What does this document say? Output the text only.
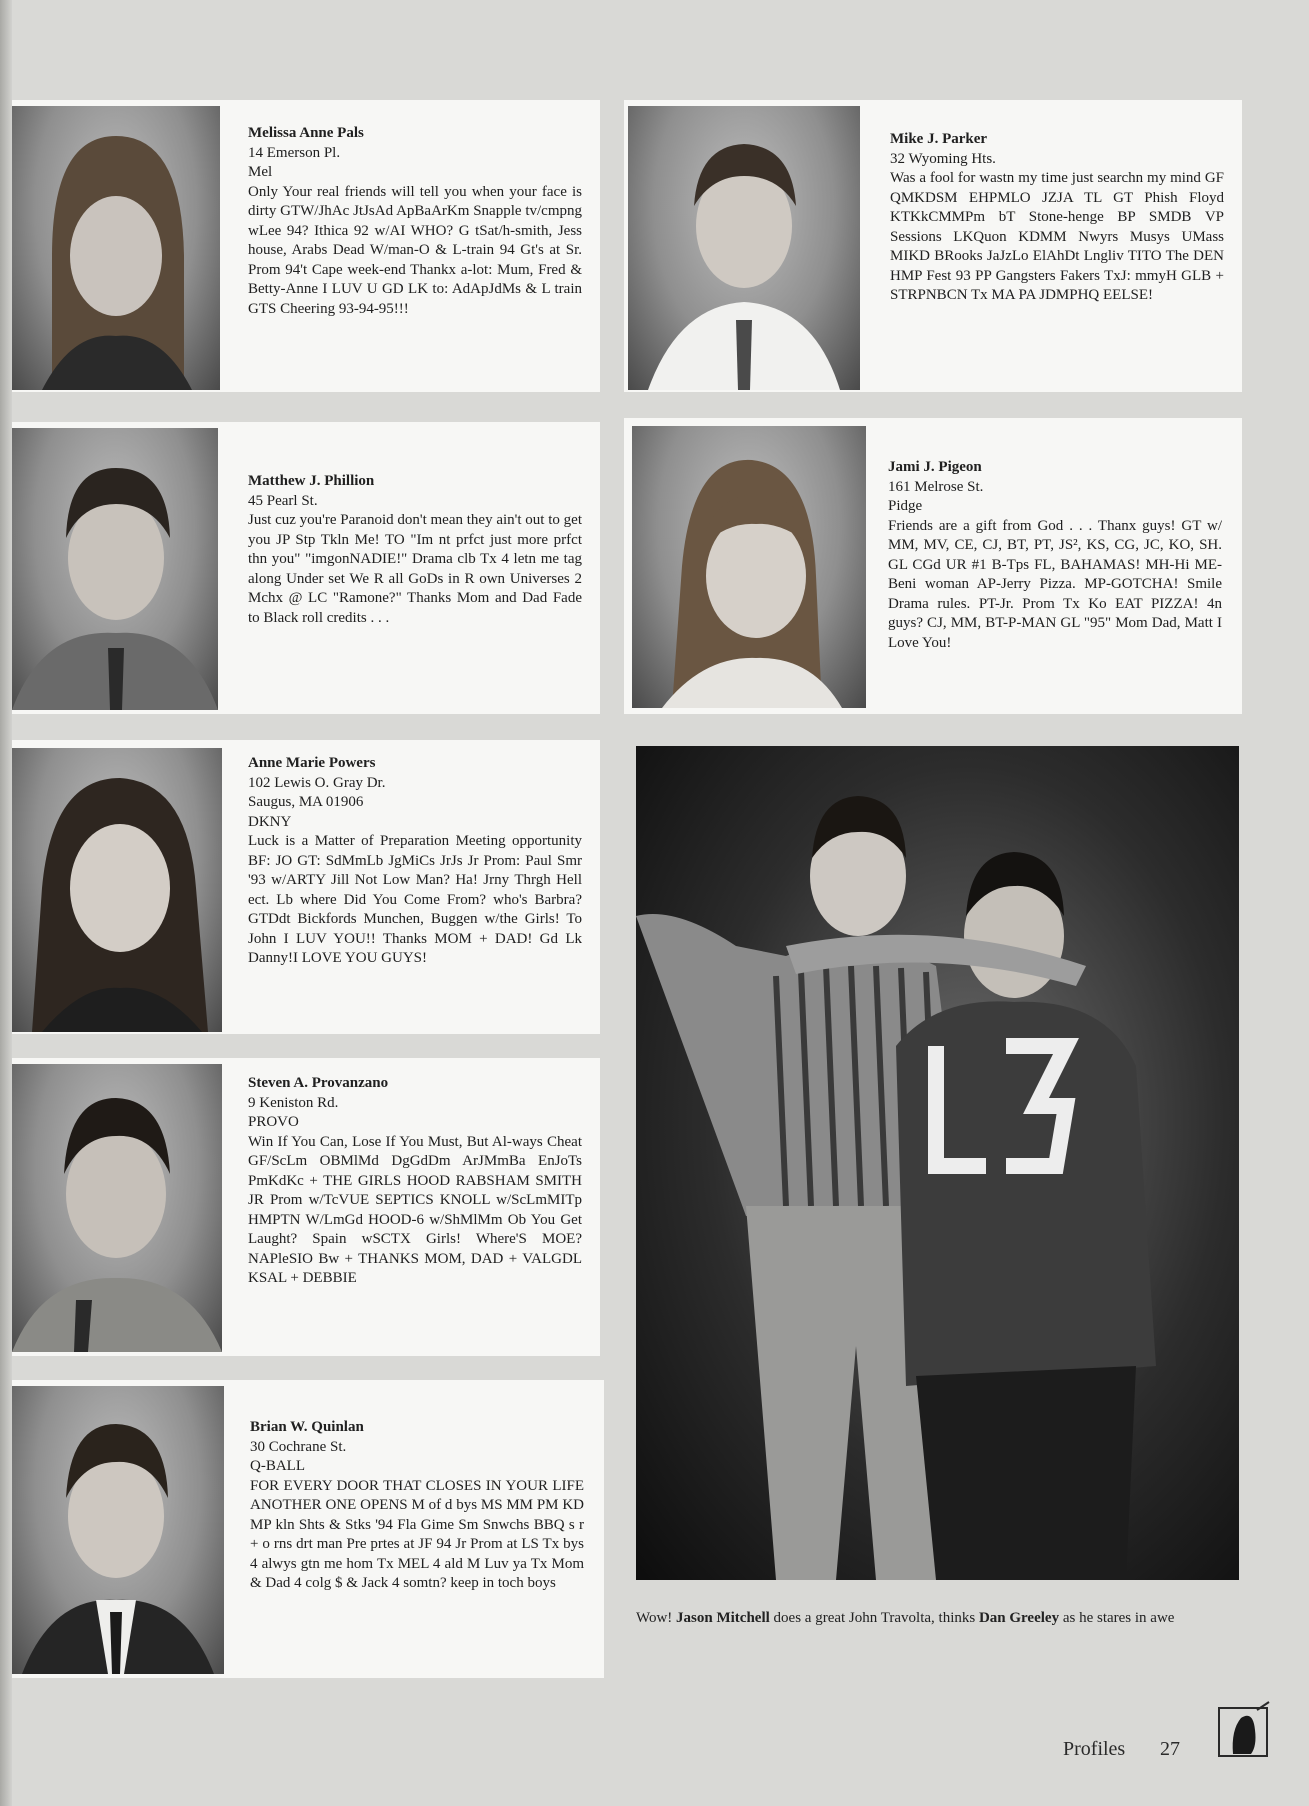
Melissa Anne Pals
14 Emerson Pl.
Mel
Only Your real friends will tell you when your face is dirty GTW/JhAc JtJsAd ApBaArKm Snapple tv/cmpng wLee 94? Ithica 92 w/AI WHO? G tSat/h-smith, Jess house, Arabs Dead W/man-O & L-train 94 Gt's at Sr. Prom 94't Cape week-end Thankx a-lot: Mum, Fred & Betty-Anne I LUV U GD LK to: AdApJdMs & L train GTS Cheering 93-94-95!!!
Mike J. Parker
32 Wyoming Hts.
Was a fool for wastn my time just searchn my mind GF QMKDSM EHPMLO JZJA TL GT Phish Floyd KTKkCMMPm bT Stone-henge BP SMDB VP Sessions LKQuon KDMM Nwyrs Musys UMass MIKD BRooks JaJzLo ElAhDt Lngliv TITO The DEN HMP Fest 93 PP Gangsters Fakers TxJ: mmyH GLB + STRPNBCN Tx MA PA JDMPHQ EELSE!
Matthew J. Phillion
45 Pearl St.
Just cuz you're Paranoid don't mean they ain't out to get you JP Stp Tkln Me! TO "Im nt prfct just more prfct thn you" "imgonNADIE!" Drama clb Tx 4 letn me tag along Under set We R all GoDs in R own Universes 2 Mchx @ LC "Ramone?" Thanks Mom and Dad Fade to Black roll credits . . .
Jami J. Pigeon
161 Melrose St.
Pidge
Friends are a gift from God . . . Thanx guys! GT w/ MM, MV, CE, CJ, BT, PT, JS², KS, CG, JC, KO, SH. GL CGd UR #1 B-Tps FL, BAHAMAS! MH-Hi ME-Beni woman AP-Jerry Pizza. MP-GOTCHA! Smile Drama rules. PT-Jr. Prom Tx Ko EAT PIZZA! 4n guys? CJ, MM, BT-P-MAN GL "95" Mom Dad, Matt I Love You!
Anne Marie Powers
102 Lewis O. Gray Dr.
Saugus, MA 01906
DKNY
Luck is a Matter of Preparation Meeting opportunity BF: JO GT: SdMmLb JgMiCs JrJs Jr Prom: Paul Smr '93 w/ARTY Jill Not Low Man? Ha! Jrny Thrgh Hell ect. Lb where Did You Come From? who's Barbra? GTDdt Bickfords Munchen, Buggen w/the Girls! To John I LUV YOU!! Thanks MOM + DAD! Gd Lk Danny!I LOVE YOU GUYS!
Steven A. Provanzano
9 Keniston Rd.
PROVO
Win If You Can, Lose If You Must, But Al-ways Cheat GF/ScLm OBMlMd DgGdDm ArJMmBa EnJoTs PmKdKc + THE GIRLS HOOD RABSHAM SMITH JR Prom w/TcVUE SEPTICS KNOLL w/ScLmMITp HMPTN W/LmGd HOOD-6 w/ShMlMm Ob You Get Laught? Spain wSCTX Girls! Where'S MOE? NAPleSIO Bw + THANKS MOM, DAD + VALGDL KSAL + DEBBIE
Brian W. Quinlan
30 Cochrane St.
Q-BALL
FOR EVERY DOOR THAT CLOSES IN YOUR LIFE ANOTHER ONE OPENS M of d bys MS MM PM KD MP kln Shts & Stks '94 Fla Gime Sm Snwchs BBQ s r + o rns drt man Pre prtes at JF 94 Jr Prom at LS Tx bys 4 alwys gtn me hom Tx MEL 4 ald M Luv ya Tx Mom & Dad 4 colg $ & Jack 4 somtn? keep in toch boys
Wow! Jason Mitchell does a great John Travolta, thinks Dan Greeley as he stares in awe
Profiles 27
